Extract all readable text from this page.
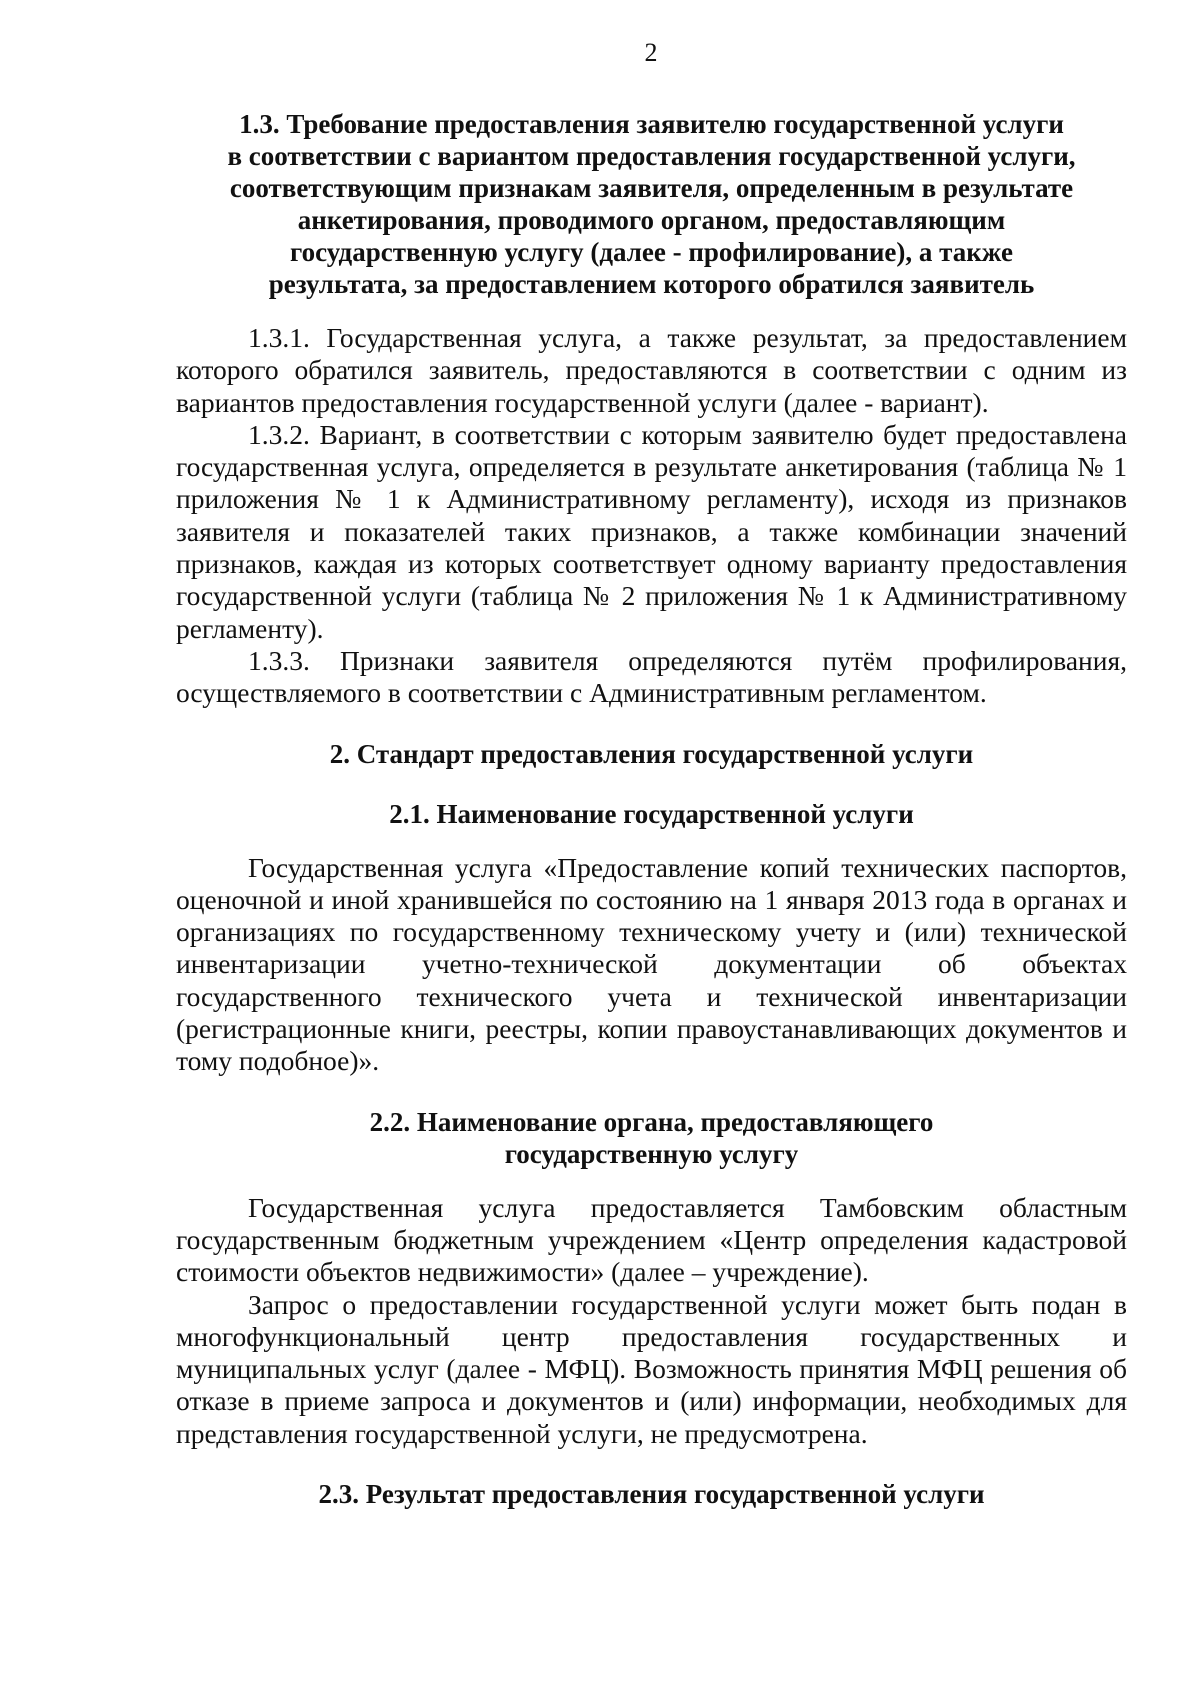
2
1.3. Требование предоставления заявителю государственной услуги
в соответствии с вариантом предоставления государственной услуги,
соответствующим признакам заявителя, определенным в результате
анкетирования, проводимого органом, предоставляющим
государственную услугу (далее - профилирование), а также
результата, за предоставлением которого обратился заявитель

1.3.1. Государственная услуга, а также результат, за предоставлением которого обратился заявитель, предоставляются в соответствии с одним из вариантов предоставления государственной услуги (далее - вариант).

1.3.2. Вариант, в соответствии с которым заявителю будет предоставлена государственная услуга, определяется в результате анкетирования (таблица № 1 приложения № 1 к Административному регламенту), исходя из признаков заявителя и показателей таких признаков, а также комбинации значений признаков, каждая из которых соответствует одному варианту предоставления государственной услуги (таблица № 2 приложения № 1 к Административному регламенту).

1.3.3. Признаки заявителя определяются путём профилирования, осуществляемого в соответствии с Административным регламентом.

2. Стандарт предоставления государственной услуги
2.1. Наименование государственной услуги

Государственная услуга «Предоставление копий технических паспортов, оценочной и иной хранившейся по состоянию на 1 января 2013 года в органах и организациях по государственному техническому учету и (или) технической инвентаризации учетно-технической документации об объектах государственного технического учета и технической инвентаризации (регистрационные книги, реестры, копии правоустанавливающих документов и тому подобное)».

2.2. Наименование органа, предоставляющего
государственную услугу

Государственная услуга предоставляется Тамбовским областным государственным бюджетным учреждением «Центр определения кадастровой стоимости объектов недвижимости» (далее – учреждение).

Запрос о предоставлении государственной услуги может быть подан в многофункциональный центр предоставления государственных и муниципальных услуг (далее - МФЦ). Возможность принятия МФЦ решения об отказе в приеме запроса и документов и (или) информации, необходимых для представления государственной услуги, не предусмотрена.

2.3. Результат предоставления государственной услуги
